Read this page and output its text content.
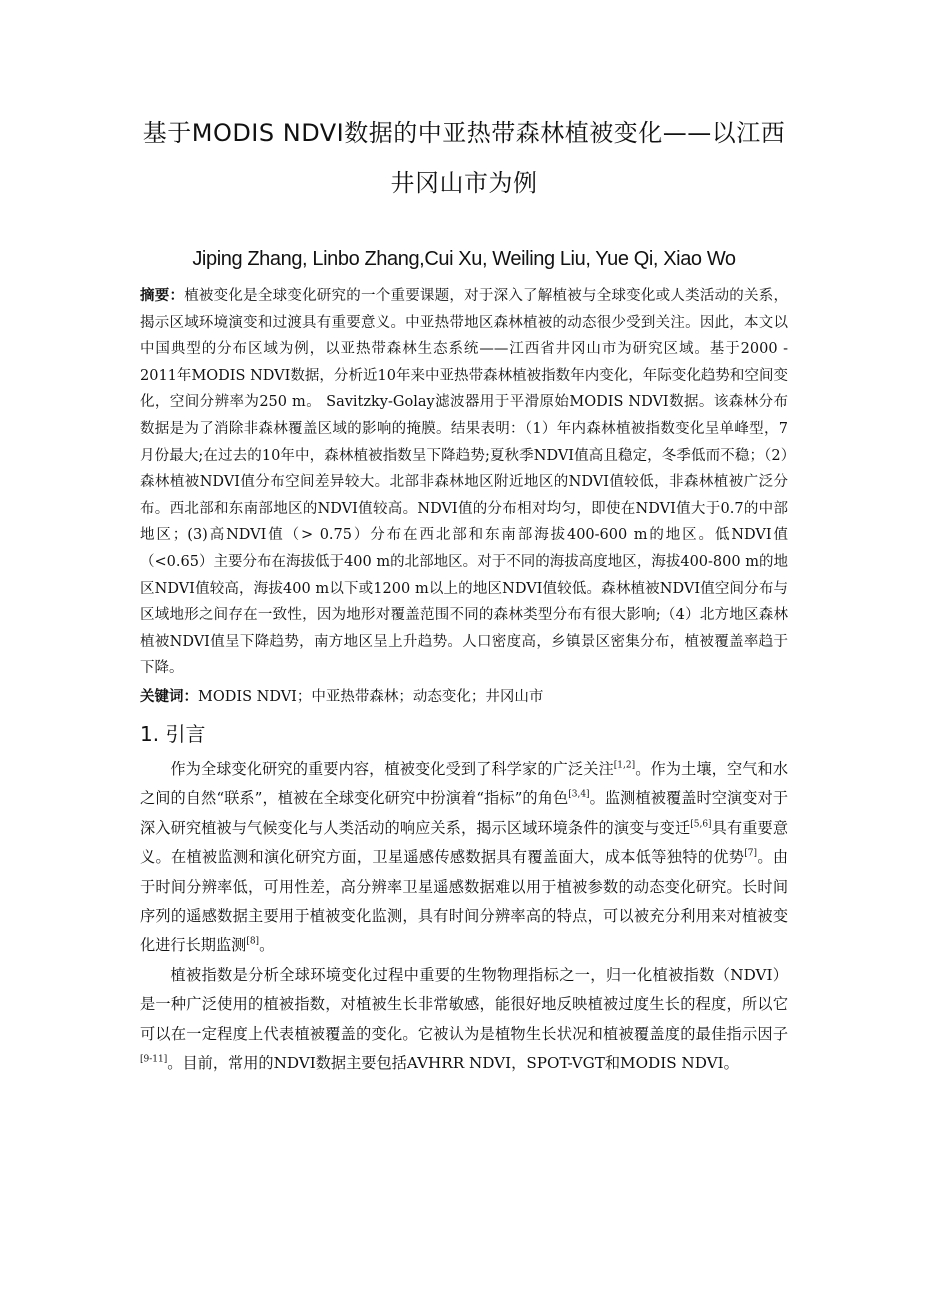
基于MODIS NDVI数据的中亚热带森林植被变化——以江西
井冈山市为例
Jiping Zhang, Linbo Zhang,Cui Xu, Weiling Liu, Yue Qi, Xiao Wo

摘要：植被变化是全球变化研究的一个重要课题，对于深入了解植被与全球变化或人类活动的关系，揭示区域环境演变和过渡具有重要意义。中亚热带地区森林植被的动态很少受到关注。因此，本文以中国典型的分布区域为例，以亚热带森林生态系统——江西省井冈山市为研究区域。基于2000 - 2011年MODIS NDVI数据，分析近10年来中亚热带森林植被指数年内变化，年际变化趋势和空间变化，空间分辨率为250 m。 Savitzky-Golay滤波器用于平滑原始MODIS NDVI数据。该森林分布数据是为了消除非森林覆盖区域的影响的掩膜。结果表明：（1）年内森林植被指数变化呈单峰型，7月份最大;在过去的10年中，森林植被指数呈下降趋势;夏秋季NDVI值高且稳定，冬季低而不稳；（2）森林植被NDVI值分布空间差异较大。北部非森林地区附近地区的NDVI值较低，非森林植被广泛分布。西北部和东南部地区的NDVI值较高。NDVI值的分布相对均匀，即使在NDVI值大于0.7的中部地区；(3)高NDVI值（> 0.75）分布在西北部和东南部海拔400-600 m的地区。低NDVI值（<0.65）主要分布在海拔低于400 m的北部地区。对于不同的海拔高度地区，海拔400-800 m的地区NDVI值较高，海拔400 m以下或1200 m以上的地区NDVI值较低。森林植被NDVI值空间分布与区域地形之间存在一致性，因为地形对覆盖范围不同的森林类型分布有很大影响;（4）北方地区森林植被NDVI值呈下降趋势，南方地区呈上升趋势。人口密度高，乡镇景区密集分布，植被覆盖率趋于下降。

关键词：MODIS NDVI；中亚热带森林；动态变化；井冈山市

1. 引言

作为全球变化研究的重要内容，植被变化受到了科学家的广泛关注[1,2]。作为土壤，空气和水之间的自然“联系”，植被在全球变化研究中扮演着“指标”的角色[3,4]。监测植被覆盖时空演变对于深入研究植被与气候变化与人类活动的响应关系，揭示区域环境条件的演变与变迁[5,6]具有重要意义。在植被监测和演化研究方面，卫星遥感传感数据具有覆盖面大，成本低等独特的优势[7]。由于时间分辨率低，可用性差，高分辨率卫星遥感数据难以用于植被参数的动态变化研究。长时间序列的遥感数据主要用于植被变化监测，具有时间分辨率高的特点，可以被充分利用来对植被变化进行长期监测[8]。

植被指数是分析全球环境变化过程中重要的生物物理指标之一，归一化植被指数（NDVI）是一种广泛使用的植被指数，对植被生长非常敏感，能很好地反映植被过度生长的程度，所以它可以在一定程度上代表植被覆盖的变化。它被认为是植物生长状况和植被覆盖度的最佳指示因子[9-11]。目前，常用的NDVI数据主要包括AVHRR NDVI，SPOT-VGT和MODIS NDVI。
